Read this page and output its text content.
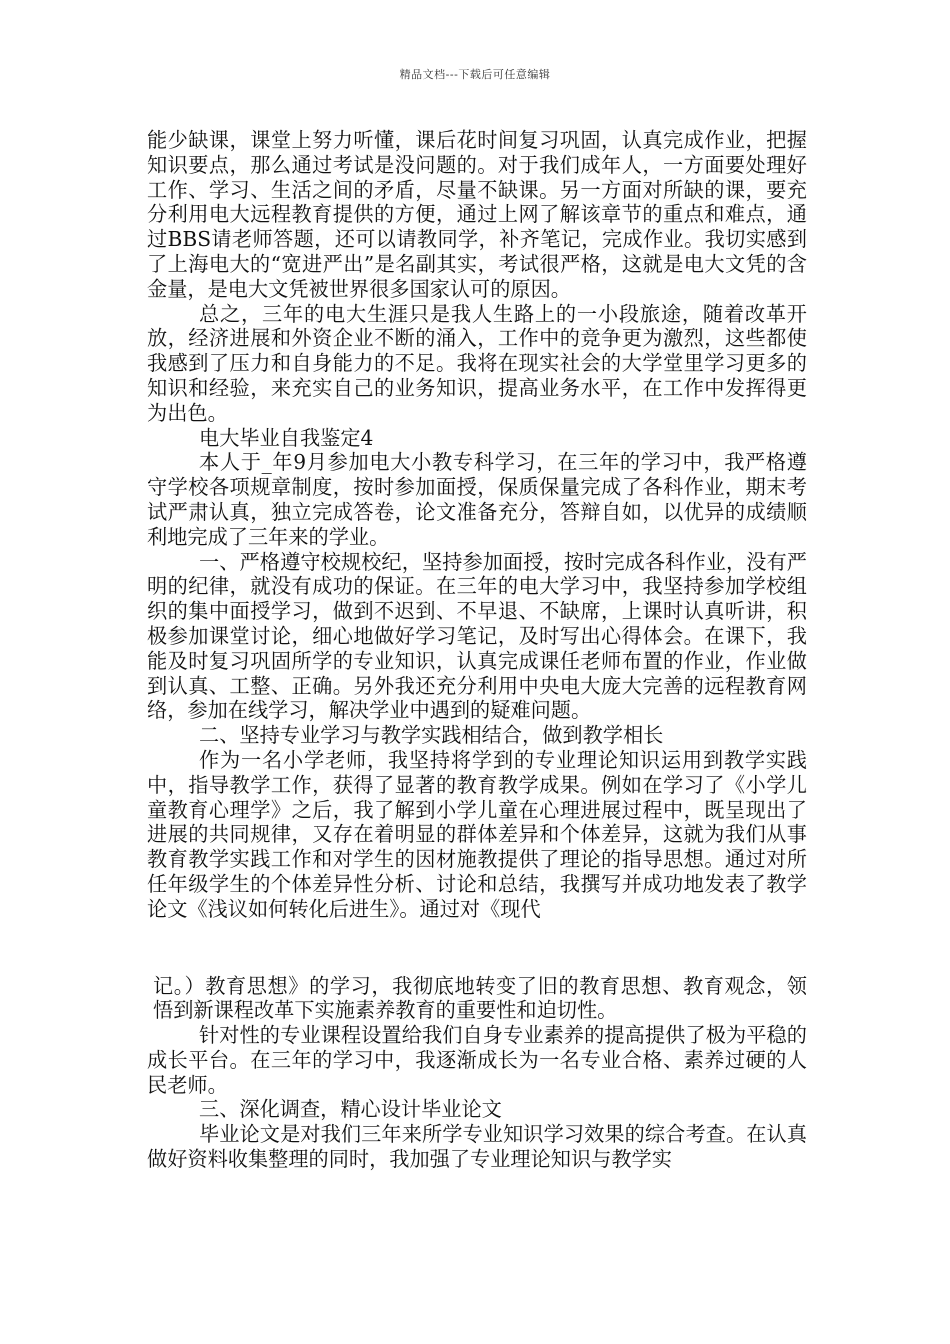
精品文档---下载后可任意编辑

能少缺课，课堂上努力听懂，课后花时间复习巩固，认真完成作业，把握知识要点，那么通过考试是没问题的。对于我们成年人，一方面要处理好工作、学习、生活之间的矛盾，尽量不缺课。另一方面对所缺的课，要充分利用电大远程教育提供的方便，通过上网了解该章节的重点和难点，通过BBS请老师答题，还可以请教同学，补齐笔记，完成作业。我切实感到了上海电大的“宽进严出”是名副其实，考试很严格，这就是电大文凭的含金量，是电大文凭被世界很多国家认可的原因。

总之，三年的电大生涯只是我人生路上的一小段旅途，随着改革开放，经济进展和外资企业不断的涌入，工作中的竞争更为激烈，这些都使我感到了压力和自身能力的不足。我将在现实社会的大学堂里学习更多的知识和经验，来充实自己的业务知识，提高业务水平，在工作中发挥得更为出色。

电大毕业自我鉴定4

本人于_年9月参加电大小教专科学习，在三年的学习中，我严格遵守学校各项规章制度，按时参加面授，保质保量完成了各科作业，期末考试严肃认真，独立完成答卷，论文准备充分，答辩自如，以优异的成绩顺利地完成了三年来的学业。

一、严格遵守校规校纪，坚持参加面授，按时完成各科作业，没有严明的纪律，就没有成功的保证。在三年的电大学习中，我坚持参加学校组织的集中面授学习，做到不迟到、不早退、不缺席，上课时认真听讲，积极参加课堂讨论，细心地做好学习笔记，及时写出心得体会。在课下，我能及时复习巩固所学的专业知识，认真完成课任老师布置的作业，作业做到认真、工整、正确。另外我还充分利用中央电大庞大完善的远程教育网络，参加在线学习，解决学业中遇到的疑难问题。

二、坚持专业学习与教学实践相结合，做到教学相长

作为一名小学老师，我坚持将学到的专业理论知识运用到教学实践中，指导教学工作，获得了显著的教育教学成果。例如在学习了《小学儿童教育心理学》之后，我了解到小学儿童在心理进展过程中，既呈现出了进展的共同规律，又存在着明显的群体差异和个体差异，这就为我们从事教育教学实践工作和对学生的因材施教提供了理论的指导思想。通过对所任年级学生的个体差异性分析、讨论和总结，我撰写并成功地发表了教学论文《浅议如何转化后进生》。通过对《现代

记。）教育思想》的学习，我彻底地转变了旧的教育思想、教育观念，领悟到新课程改革下实施素养教育的重要性和迫切性。

针对性的专业课程设置给我们自身专业素养的提高提供了极为平稳的成长平台。在三年的学习中，我逐渐成长为一名专业合格、素养过硬的人民老师。

三、深化调查，精心设计毕业论文

毕业论文是对我们三年来所学专业知识学习效果的综合考查。在认真做好资料收集整理的同时，我加强了专业理论知识与教学实
